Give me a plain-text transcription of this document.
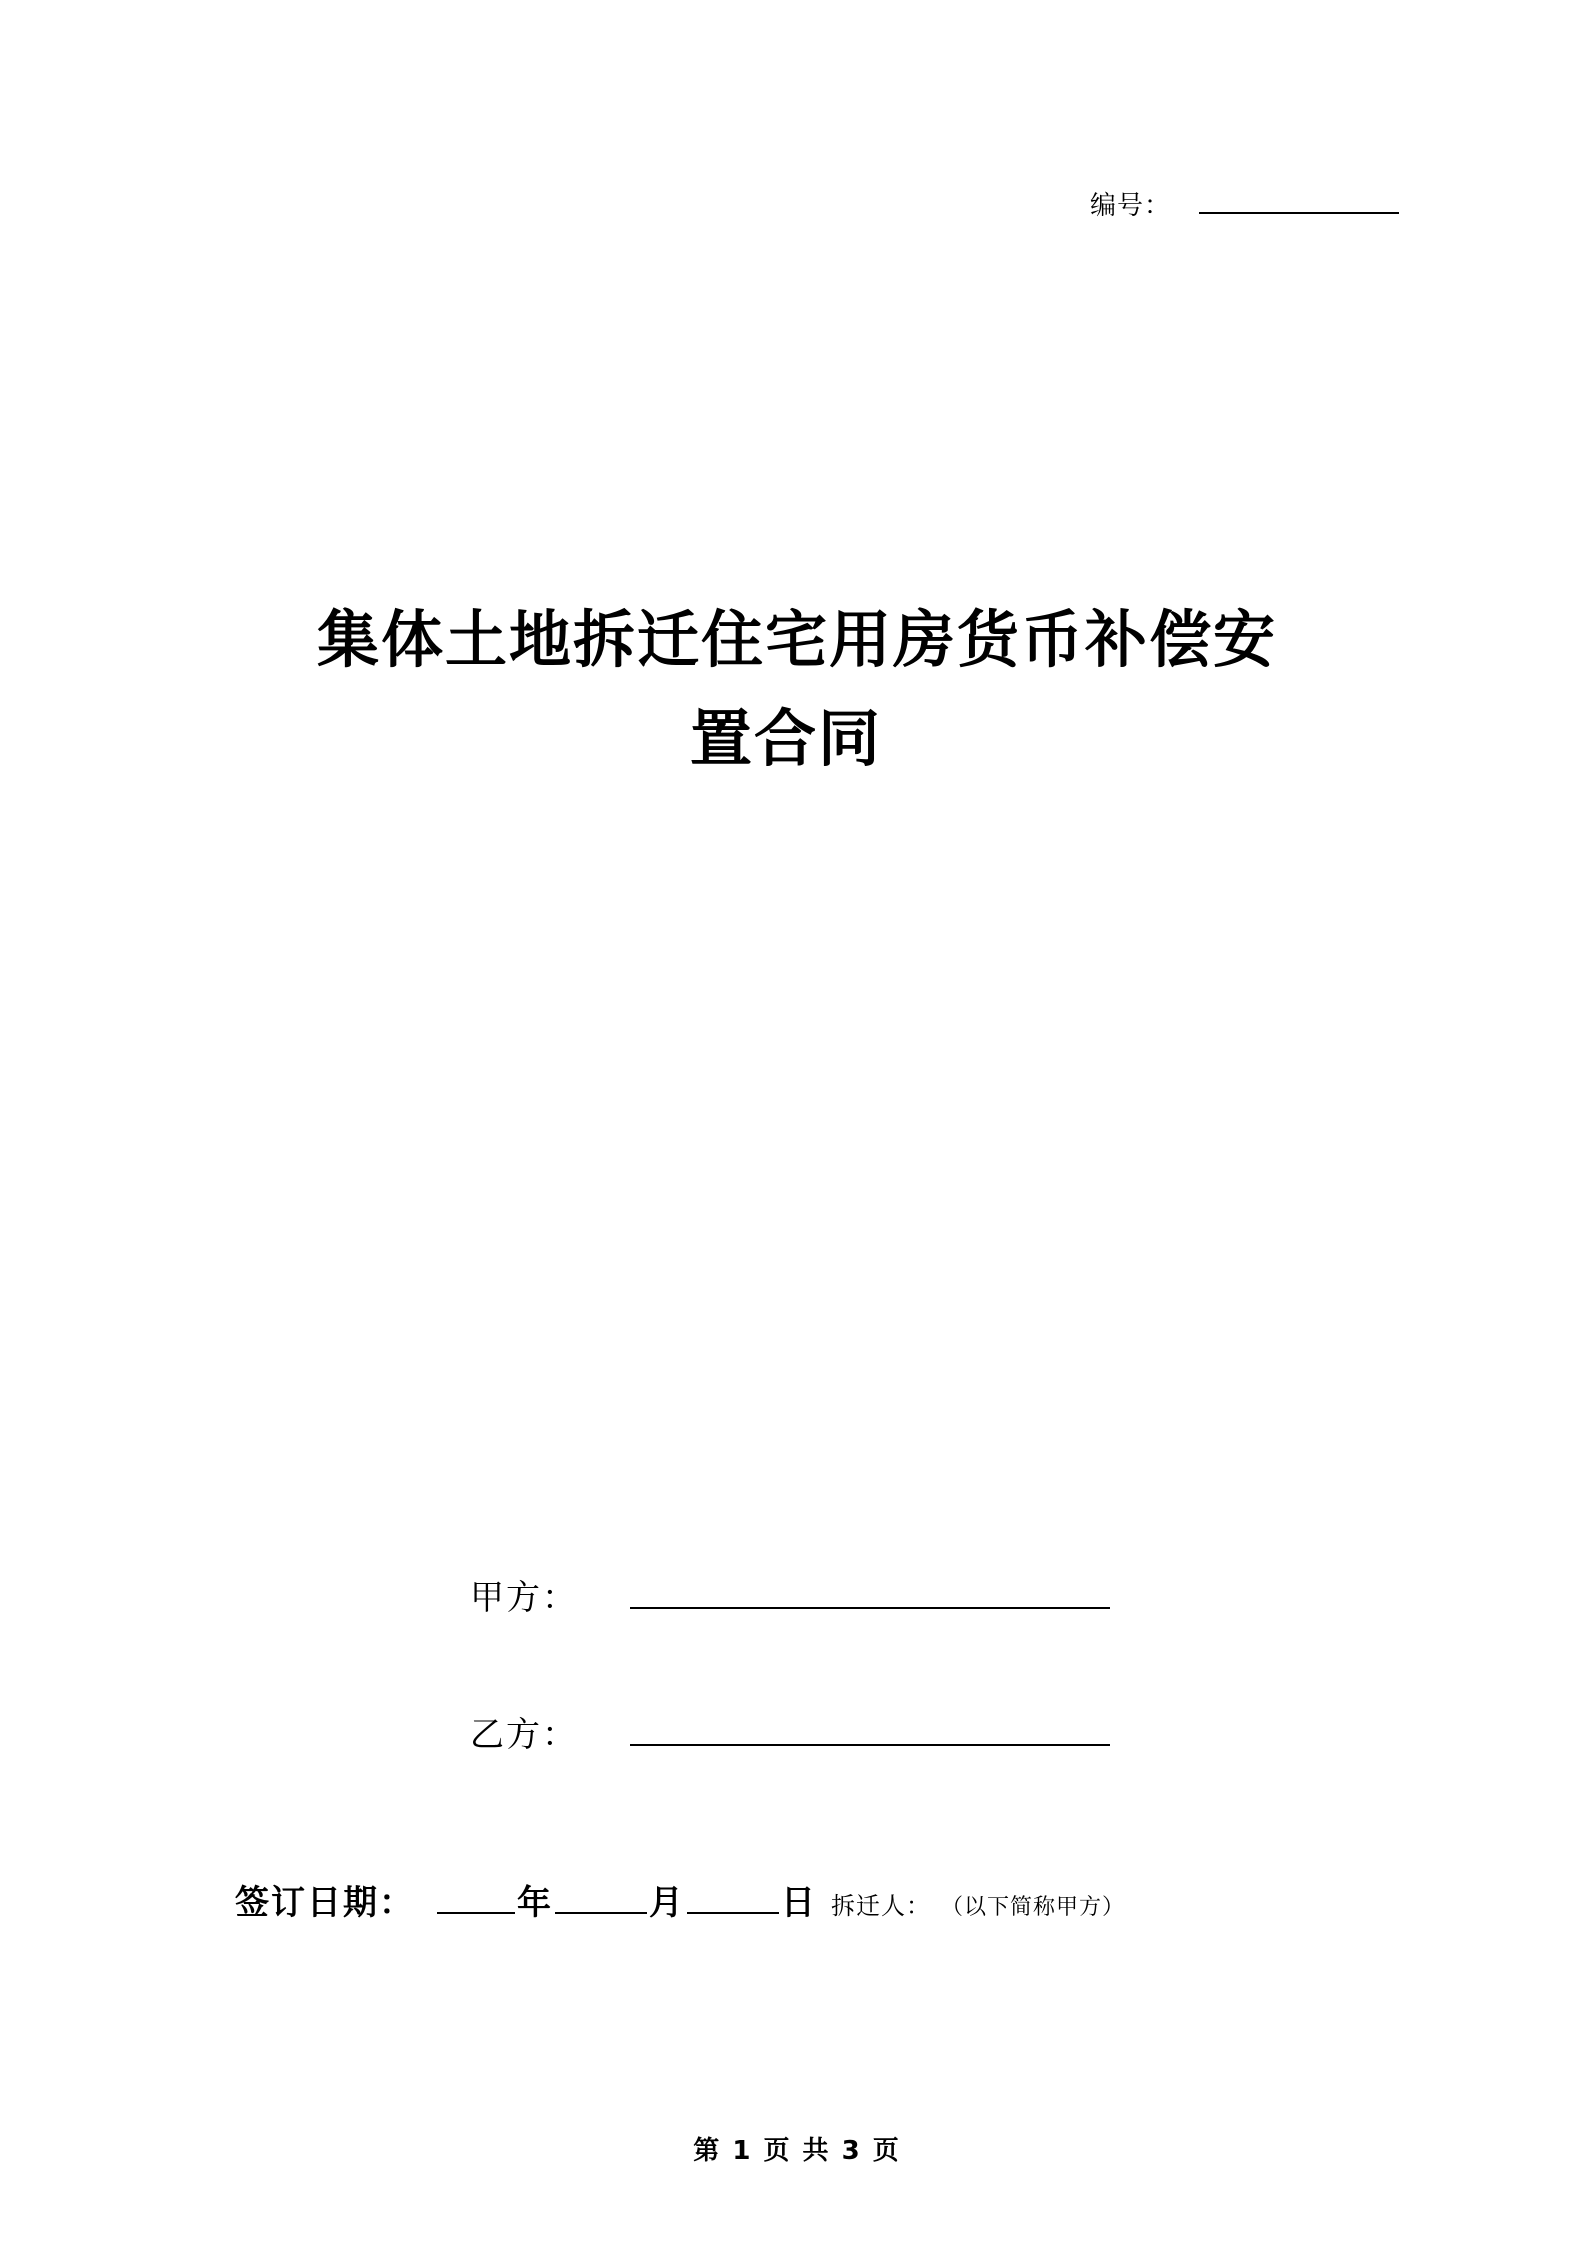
编号：
集体土地拆迁住宅用房货币补偿安
置合同
甲方：
乙方：
签订日期：	年	月	日 拆迁人： （以下简称甲方）
第 1 页 共 3 页
